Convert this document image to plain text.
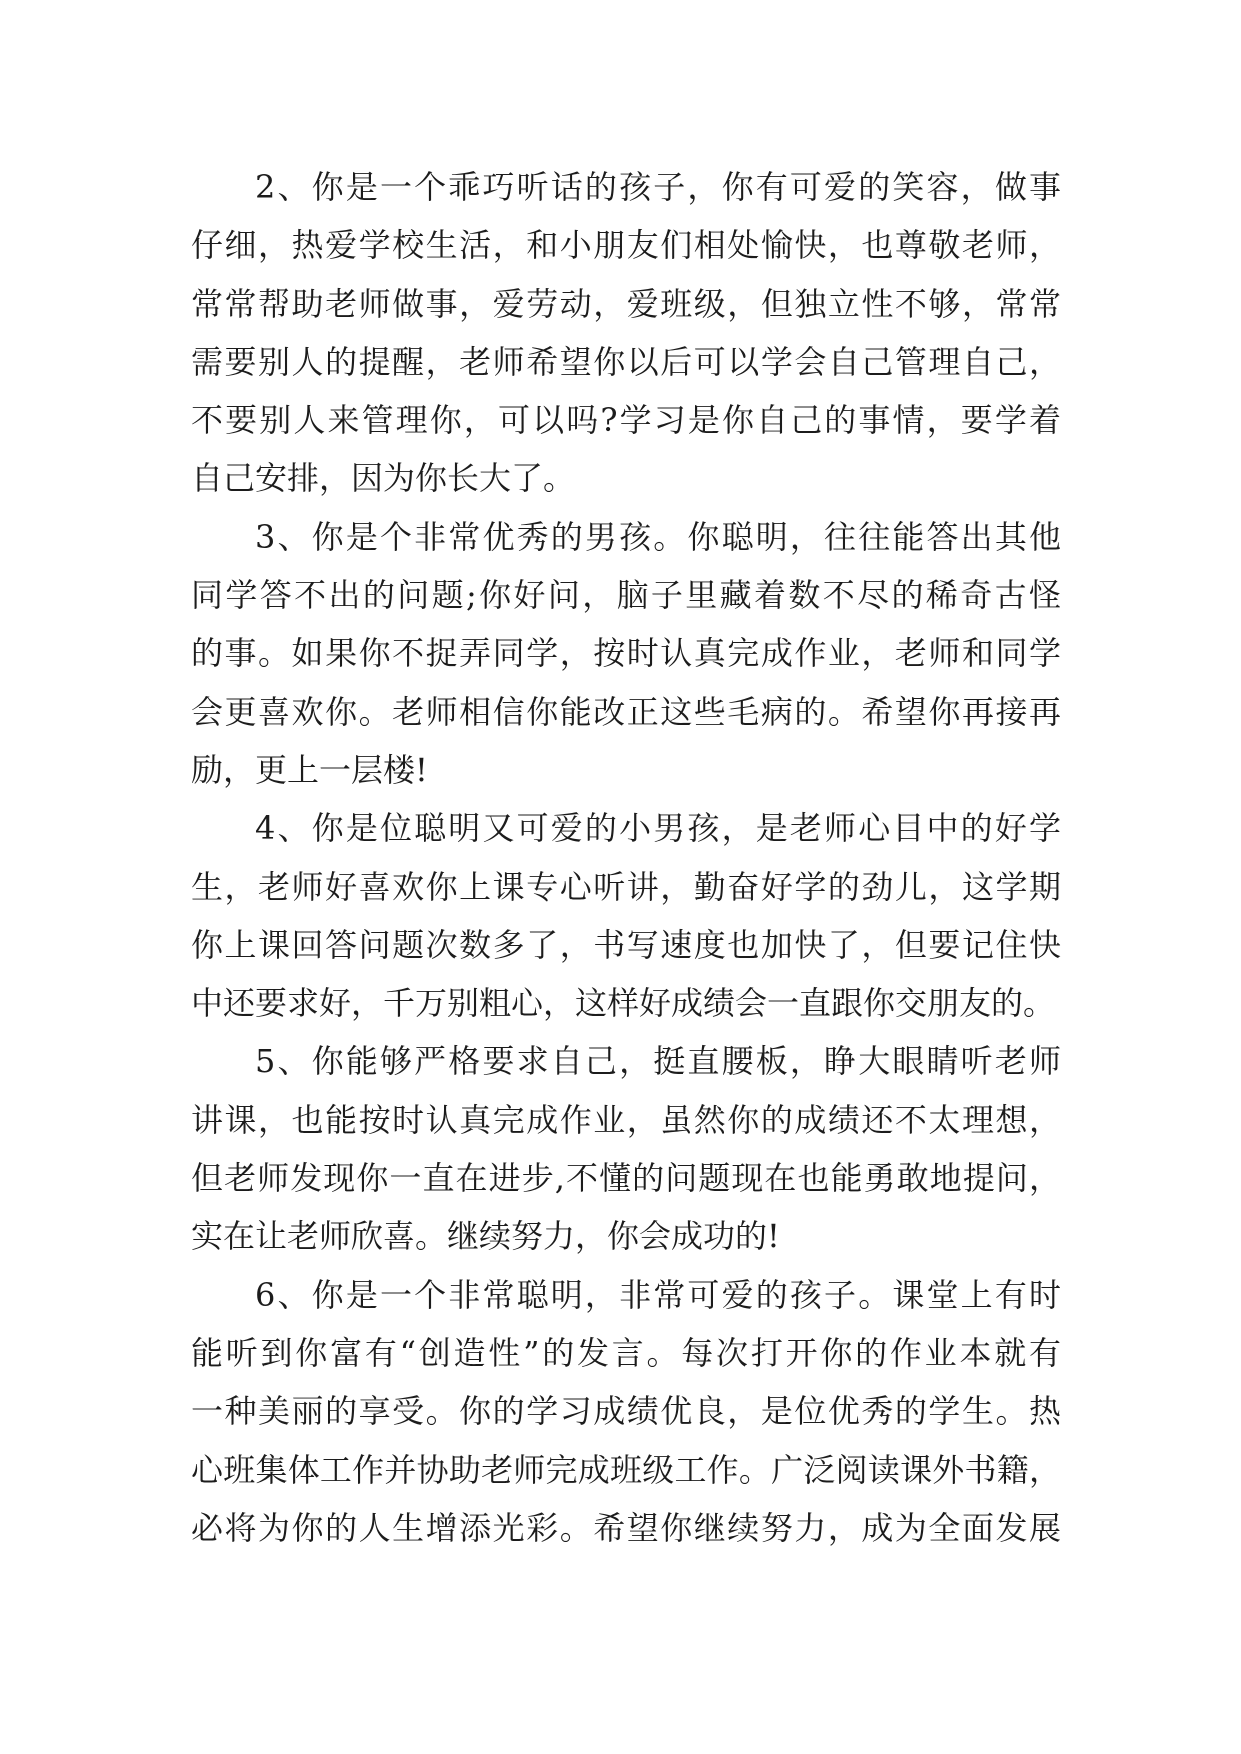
2、你是一个乖巧听话的孩子，你有可爱的笑容，做事
仔细，热爱学校生活，和小朋友们相处愉快，也尊敬老师，
常常帮助老师做事，爱劳动，爱班级，但独立性不够，常常
需要别人的提醒，老师希望你以后可以学会自己管理自己，
不要别人来管理你，可以吗?学习是你自己的事情，要学着
自己安排，因为你长大了。
3、你是个非常优秀的男孩。你聪明，往往能答出其他
同学答不出的问题;你好问，脑子里藏着数不尽的稀奇古怪
的事。如果你不捉弄同学，按时认真完成作业，老师和同学
会更喜欢你。老师相信你能改正这些毛病的。希望你再接再
励，更上一层楼!
4、你是位聪明又可爱的小男孩，是老师心目中的好学
生，老师好喜欢你上课专心听讲，勤奋好学的劲儿，这学期
你上课回答问题次数多了，书写速度也加快了，但要记住快
中还要求好，千万别粗心，这样好成绩会一直跟你交朋友的。
5、你能够严格要求自己，挺直腰板，睁大眼睛听老师
讲课，也能按时认真完成作业，虽然你的成绩还不太理想，
但老师发现你一直在进步,不懂的问题现在也能勇敢地提问，
实在让老师欣喜。继续努力，你会成功的!
6、你是一个非常聪明，非常可爱的孩子。课堂上有时
能听到你富有“创造性”的发言。每次打开你的作业本就有
一种美丽的享受。你的学习成绩优良，是位优秀的学生。热
心班集体工作并协助老师完成班级工作。广泛阅读课外书籍，
必将为你的人生增添光彩。希望你继续努力，成为全面发展
